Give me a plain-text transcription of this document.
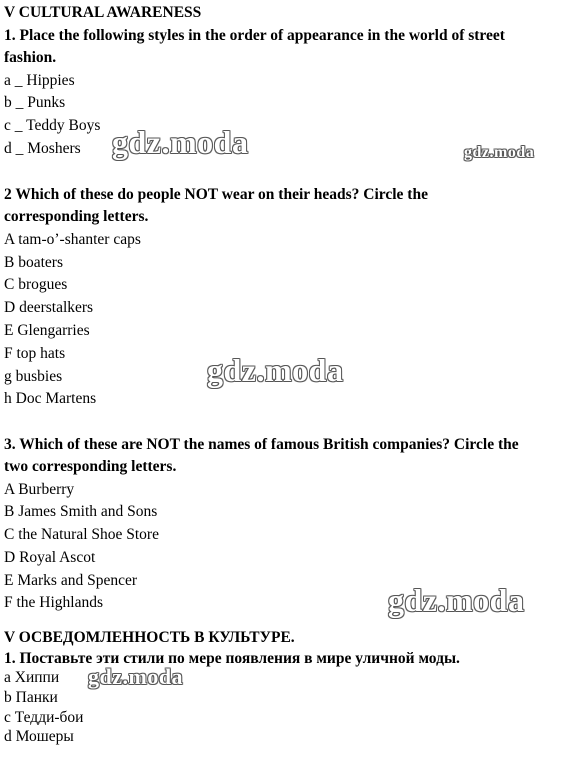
V CULTURAL AWARENESS
1. Place the following styles in the order of appearance in the world of street
fashion.
a _ Hippies
b _ Punks
c _ Teddy Boys
d _ Moshers
2 Which of these do people NOT wear on their heads? Circle the
corresponding letters.
A tam-o’-shanter caps
B boaters
C brogues
D deerstalkers
E Glengarries
F top hats
g busbies
h Doc Martens
3. Which of these are NOT the names of famous British companies? Circle the
two corresponding letters.
A Burberry
B James Smith and Sons
C the Natural Shoe Store
D Royal Ascot
E Marks and Spencer
F the Highlands
V ОСВЕДОМЛЕННОСТЬ В КУЛЬТУРЕ.
1. Поставьте эти стили по мере появления в мире уличной моды.
a Хиппи
b Панки
c Тедди-бои
d Мошеры
gdz.moda	gdz.moda
gdz.moda
gdz.moda
gdz.moda
